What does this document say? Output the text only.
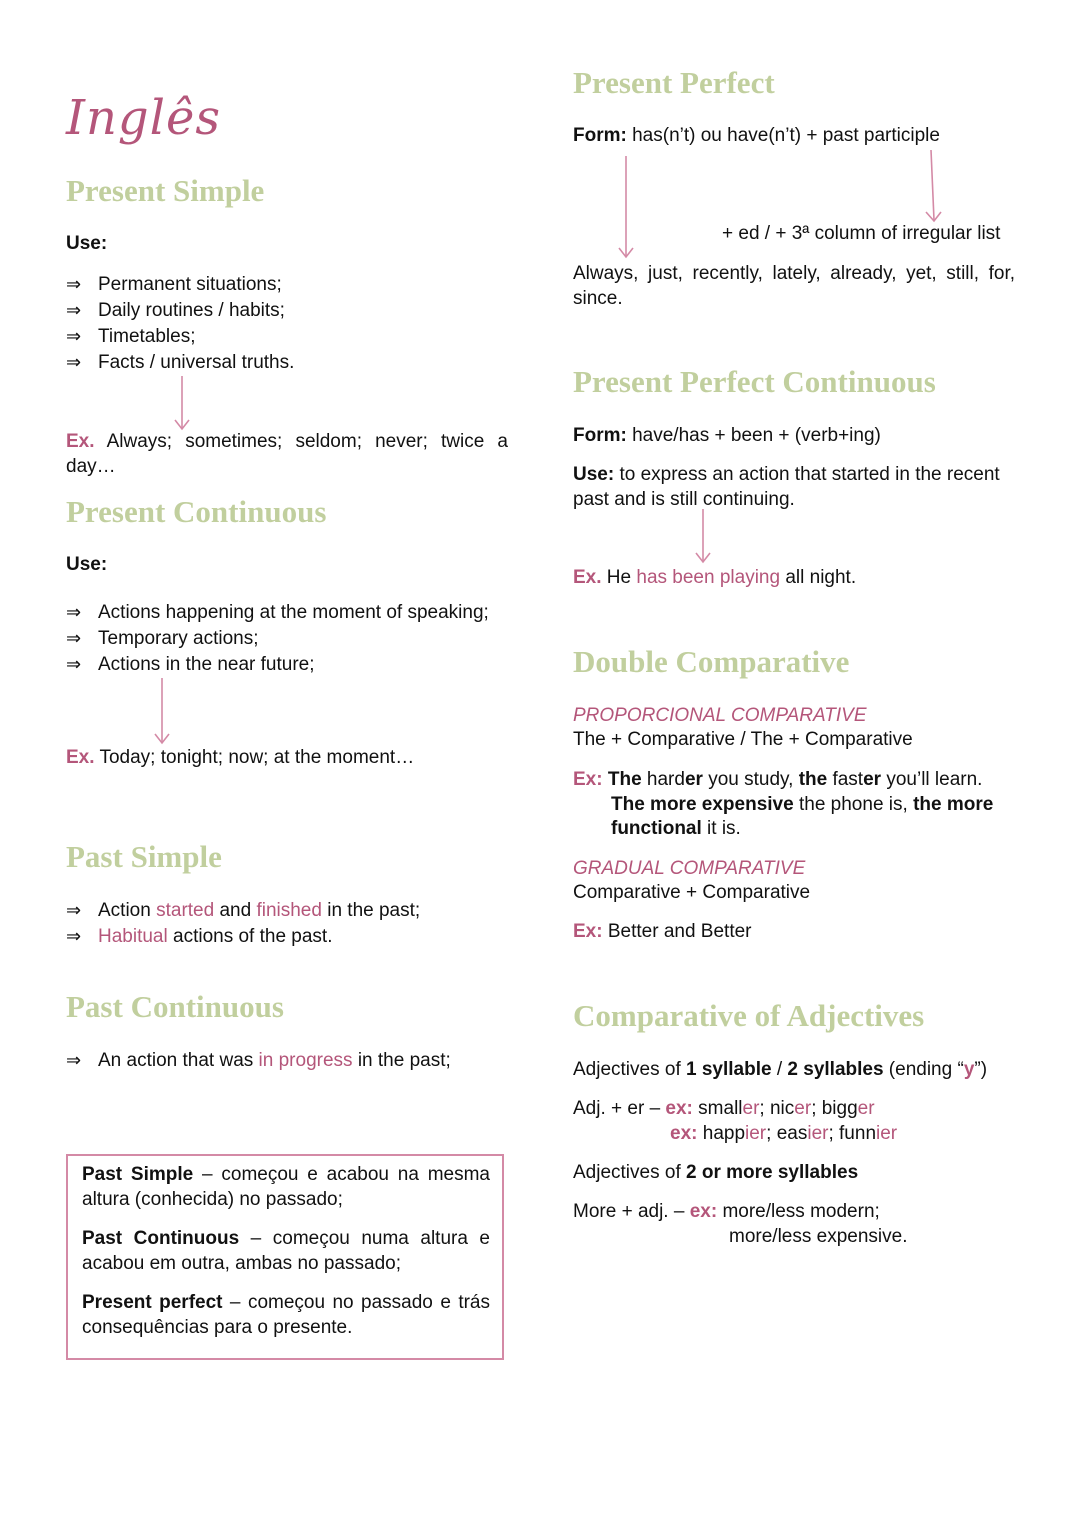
Inglês
Present Simple
Use:
⇒ Permanent situations;
⇒ Daily routines / habits;
⇒ Timetables;
⇒ Facts / universal truths.
Ex. Always; sometimes; seldom; never; twice a day…
Present Continuous
Use:
⇒ Actions happening at the moment of speaking;
⇒ Temporary actions;
⇒ Actions in the near future;
Ex. Today; tonight; now; at the moment…
Past Simple
⇒ Action started and finished in the past;
⇒ Habitual actions of the past.
Past Continuous
⇒ An action that was in progress in the past;
Past Simple – começou e acabou na mesma altura (conhecida) no passado;
Past Continuous – começou numa altura e acabou em outra, ambas no passado;
Present perfect – começou no passado e trás consequências para o presente.
Present Perfect
Form: has(n’t) ou have(n’t) + past participle
+ ed / + 3ª column of irregular list
Always, just, recently, lately, already, yet, still, for, since.
Present Perfect Continuous
Form: have/has + been + (verb+ing)
Use: to express an action that started in the recent past and is still continuing.
Ex. He has been playing all night.
Double Comparative
PROPORCIONAL COMPARATIVE
The + Comparative / The + Comparative
Ex: The harder you study, the faster you’ll learn.
The more expensive the phone is, the more
functional it is.
GRADUAL COMPARATIVE
Comparative + Comparative
Ex: Better and Better
Comparative of Adjectives
Adjectives of 1 syllable / 2 syllables (ending “y”)
Adj. + er – ex: smaller; nicer; bigger
ex: happier; easier; funnier
Adjectives of 2 or more syllables
More + adj. – ex: more/less modern;
more/less expensive.
